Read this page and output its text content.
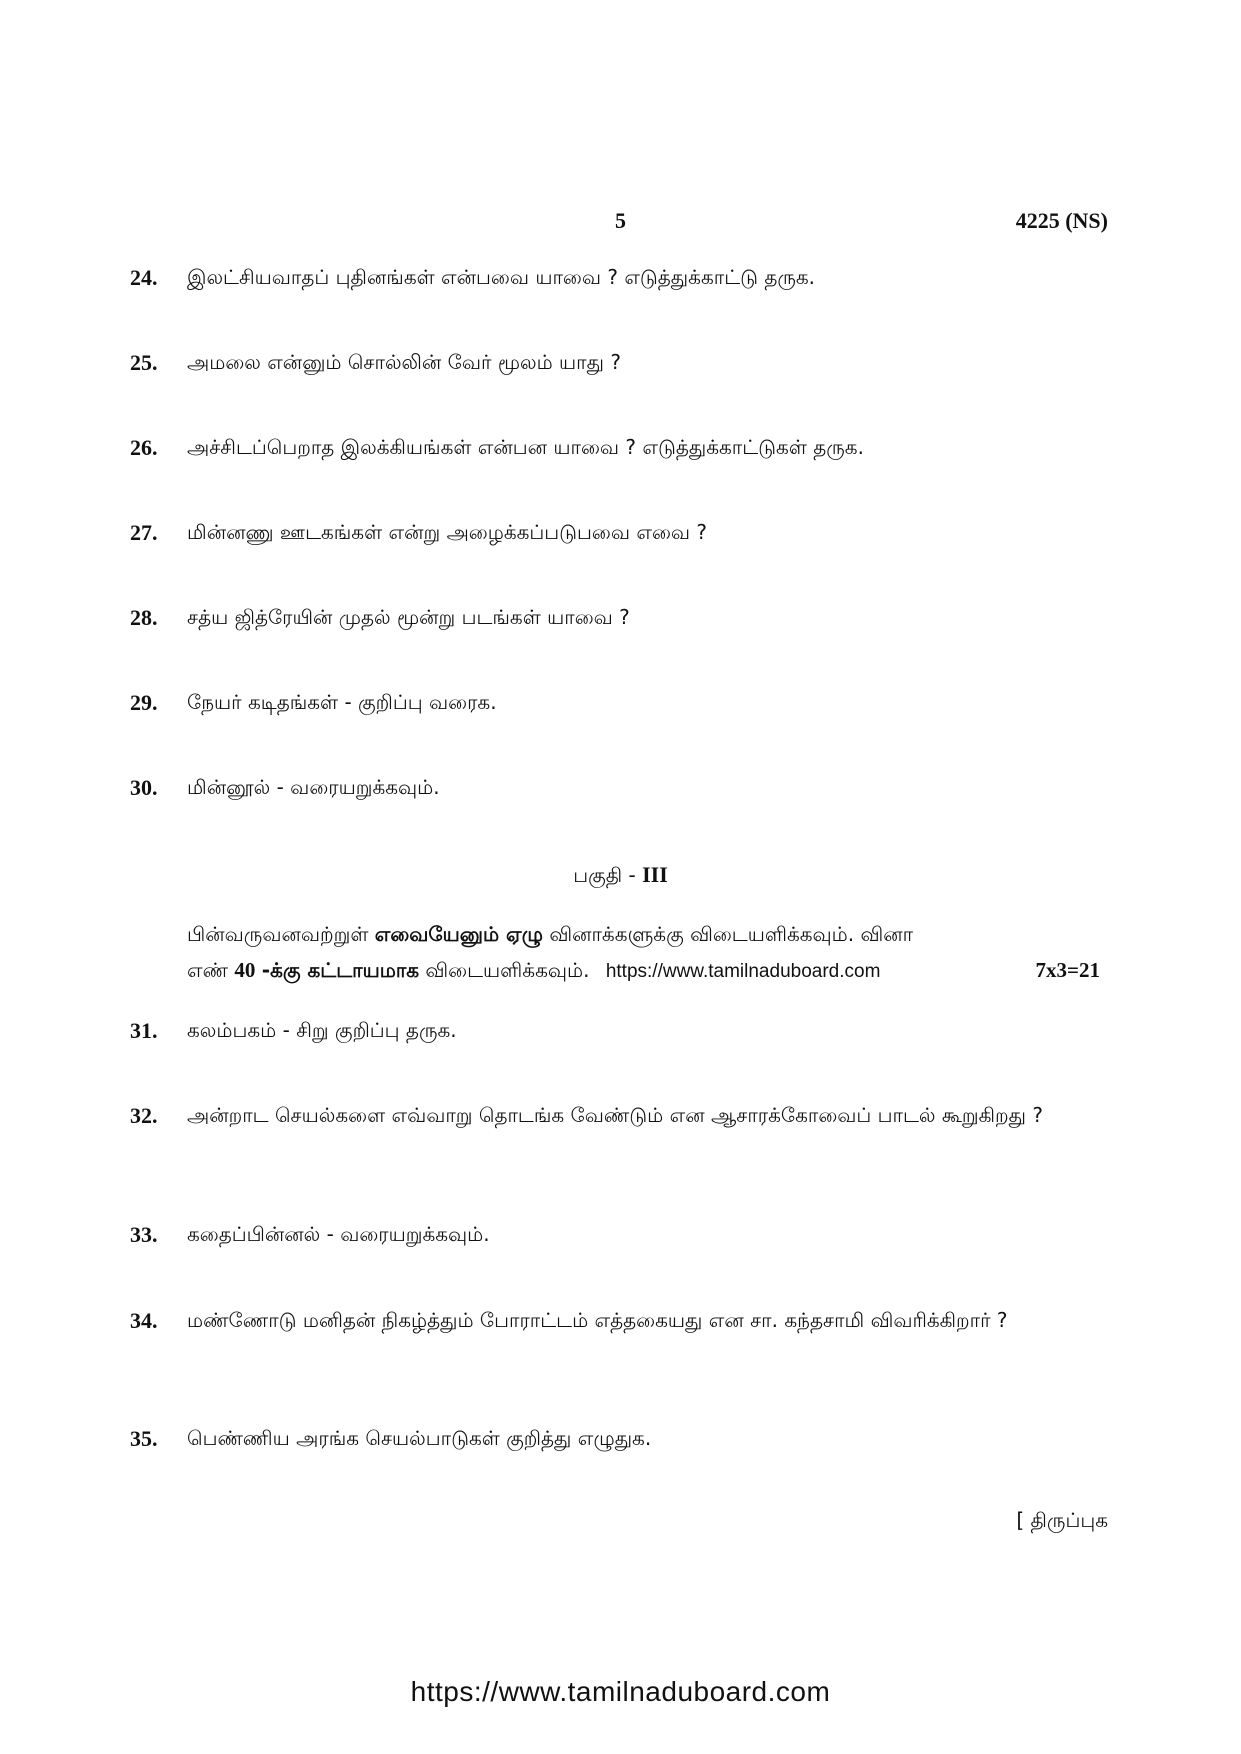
5	4225 (NS)
24. இலட்சியவாதப் புதினங்கள் என்பவை யாவை ? எடுத்துக்காட்டு தருக.
25. அமலை என்னும் சொல்லின் வேர் மூலம் யாது ?
26. அச்சிடப்பெறாத இலக்கியங்கள் என்பன யாவை ? எடுத்துக்காட்டுகள் தருக.
27. மின்னணு ஊடகங்கள் என்று அழைக்கப்படுபவை எவை ?
28. சத்ய ஜித்ரேயின் முதல் மூன்று படங்கள் யாவை ?
29. நேயர் கடிதங்கள் - குறிப்பு வரைக.
30. மின்னூல் - வரையறுக்கவும்.
பகுதி - III
பின்வருவனவற்றுள் எவையேனும் ஏழு வினாக்களுக்கு விடையளிக்கவும். வினா
எண் 40 -க்கு கட்டாயமாக விடையளிக்கவும். https://www.tamilnaduboard.com	7x3=21
31. கலம்பகம் - சிறு குறிப்பு தருக.
32. அன்றாட செயல்களை எவ்வாறு தொடங்க வேண்டும் என ஆசாரக்கோவைப் பாடல் கூறுகிறது ?
33. கதைப்பின்னல் - வரையறுக்கவும்.
34. மண்ணோடு மனிதன் நிகழ்த்தும் போராட்டம் எத்தகையது என சா. கந்தசாமி விவரிக்கிறார் ?
35. பெண்ணிய அரங்க செயல்பாடுகள் குறித்து எழுதுக.
[ திருப்புக
https://www.tamilnaduboard.com
